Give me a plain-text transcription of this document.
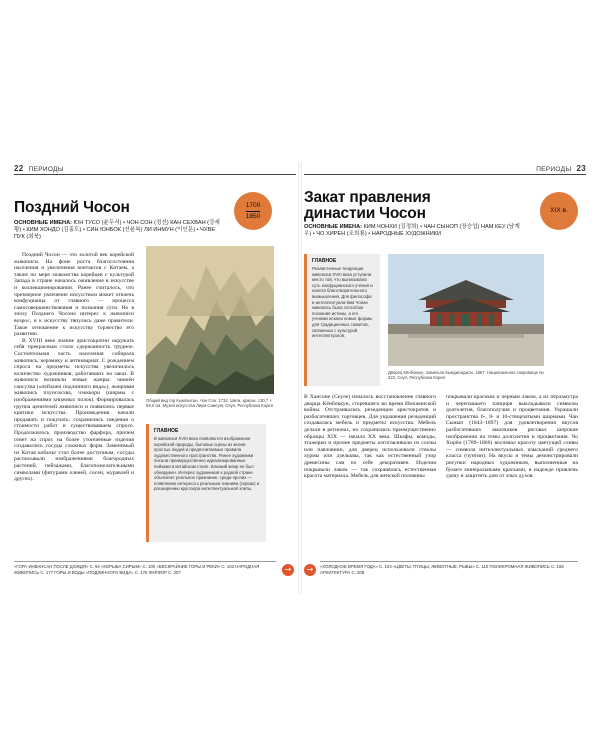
22 ПЕРИОДЫ
Поздний Чосон	1700
1850
ОСНОВНЫЕ ИМЕНА: ЮН ТУСО (윤두서) • ЧОН СОН (정선) КАН СЕХВАН (강세황) • КИМ ХОНДО (김홍도) • СИН ЮНБОК (신윤복) ЛИ ИНМУН (이인문) • ЧХВЕ ПУК (최북)

Поздний Чосон — это золотой век корейской живописи. На фоне роста благосостояния населения и увеличения контактов с Китаем, а также по мере знакомства корейцев с культурой Запада в стране началось оживление в искусстве и коллекционировании. Ранее считалось, что чрезмерное увлечение искусством может отвлечь конфуцианца от главного — процесса самосовершенствования и познания сути. Но в эпоху Позднего Чосона интерес к живописи возрос, и к искусству тянулись даже правители. Такое отношение к искусству торжество его развитию.

В XVIII веке знание аристократии окружать себя прекрасным стало сдержанность трудное. Состоятельная часть населения собирала живопись, керамику и антиквариат. С рождением спроса на предметы искусства увеличилось количество художников, работавших на заказ. В живописи возникли новые жанры: чинкён сансухва («пейзажи подлинного вида»), жанровая живопись пхунсокхва, чэкккори (ширмы с изображениями книжных полок). Формировалась группа ценителей живописи и появились первые критики искусства. Произведения начали продавать и покупать: сохранились сведения о стоимости работ и существовавшем спросе. Продолжилось производство фарфора, причем ответ на спрос на более утонченные изделия создавались сосуды сложных форм. Заменимый из Китая кобальт стал более доступным, сосуды расписывали изображениями благородных растений, пейзажами, благопожелательными символами (фигурами оленей, сосен, журавлей и других).

Общий вид гор Кымгансан. Чон Сон. 1734. Шелк, краски. 130,7 × 59,0 см. Музей искусства Лиум Самсунг, Сеул, Республика Корея
ГЛАВНОЕ
В живописи XVIII века появляются изображения корейской природы, бытовые сцены из жизни простых людей и предпочитаемые правила художественного пространства. Ранее художники писали преимущественно идеализированные пейзажи в китайском стиле. Близкий жанр не был обнаружен. Интерес художников к родной стране объясняет реальное признание, среди прочих — появлению интереса к реальным знаниям (сирхак) и расширению кругозора интеллектуальной элиты.
«ГОРА ИНВАНСАН ПОСЛЕ ДОЖДЯ» С. 94 «КОРЫБА СИРЫМ» С. 100 «БЕСКРАЙНИЕ ГОРЫ И РЕКИ» С. 102 НАРОДНАЯ ЖИВОПИСЬ С. 177 ГОРЫ И ВОДЫ «ПОДЛИННОГО ВИДА» С. 176 ФАРФОР С. 207	→
ПЕРИОДЫ 23
Закат правления
династии Чосон	XIX в.
ОСНОВНЫЕ ИМЕНА: КИМ ЧОНХИ (김정희) • ЧАН СЫНОП (장승업) НАМ КЕУ (남계우) • ЧО ХИРЕН (조희룡) • НАРОДНЫЕ ХУДОЖНИКИ
ГЛАВНОЕ
Реалистичные тенденции живописи XVIII века уступили место той, что выписывала суть конфуцианского учения и налета благотворительного вымышления. Для философа и интеллектуала Ким Чонхи живопись была способом познания истины, а его ученики искали новые формы для традиционных сюжетов, связанных с культурой интеллектуалов.
Дворец Кёнбоккун, павильон Кынджонджон. 1867. Национальное сокровище № 223, Сеул, Республика Корея

В Хансоне (Сеуле) началось восстановление главного дворца Кёнбоккун, сгоревшего во время Имчжинской войны. Отстраивались резиденции аристократов и разбогатевших торговцев. Для украшения резиденций создавалась мебель и предметы искусства. Мебель делали в регионах, но сохранились преимущественно образцы XIX — начала XX века. Шкафы, комоды, этажерки и прочие предметы изготавливали из сосны или павловнии, для дверец использовали стволы хурмы или дзельквы, так как естественный узор древесины сам по себе декоративен. Изделия покрывали лаком — так сохранялась естественная красота материала. Мебель для женской половины

покрывали красным и черным лаком, а из перламутра и черепашьего панциря выкладывали символы долголетия, благополучия и процветания. Украшали пространство 6-, 8- и 10-створчатыми ширмами. Чан Сынып (1843–1897) для удовлетворения вкусов разбогатевших заказчиков рисовал широкие изображения на темы долголетия и процветания. Чо Хирён (1789–1866) воспевал красоту цветущей сливы — символа интеллектуальных изысканий среднего класса (чунгин). На вкусы и темы демонстрировали рисунки народных художников, выполненные на бумаге минеральными красками, в надежде привлечь удачу и защитить дом от злых духов.

→	«ХОЛОДНОЕ ВРЕМЯ ГОДА» С. 104 «ЦВЕТЫ, ПТИЦЫ, ЖИВОТНЫЕ, РЫБЫ» С. 110 ПОЛИХРОМНАЯ ЖИВОПИСЬ С. 168 АРХИТЕКТУРА С. 208
